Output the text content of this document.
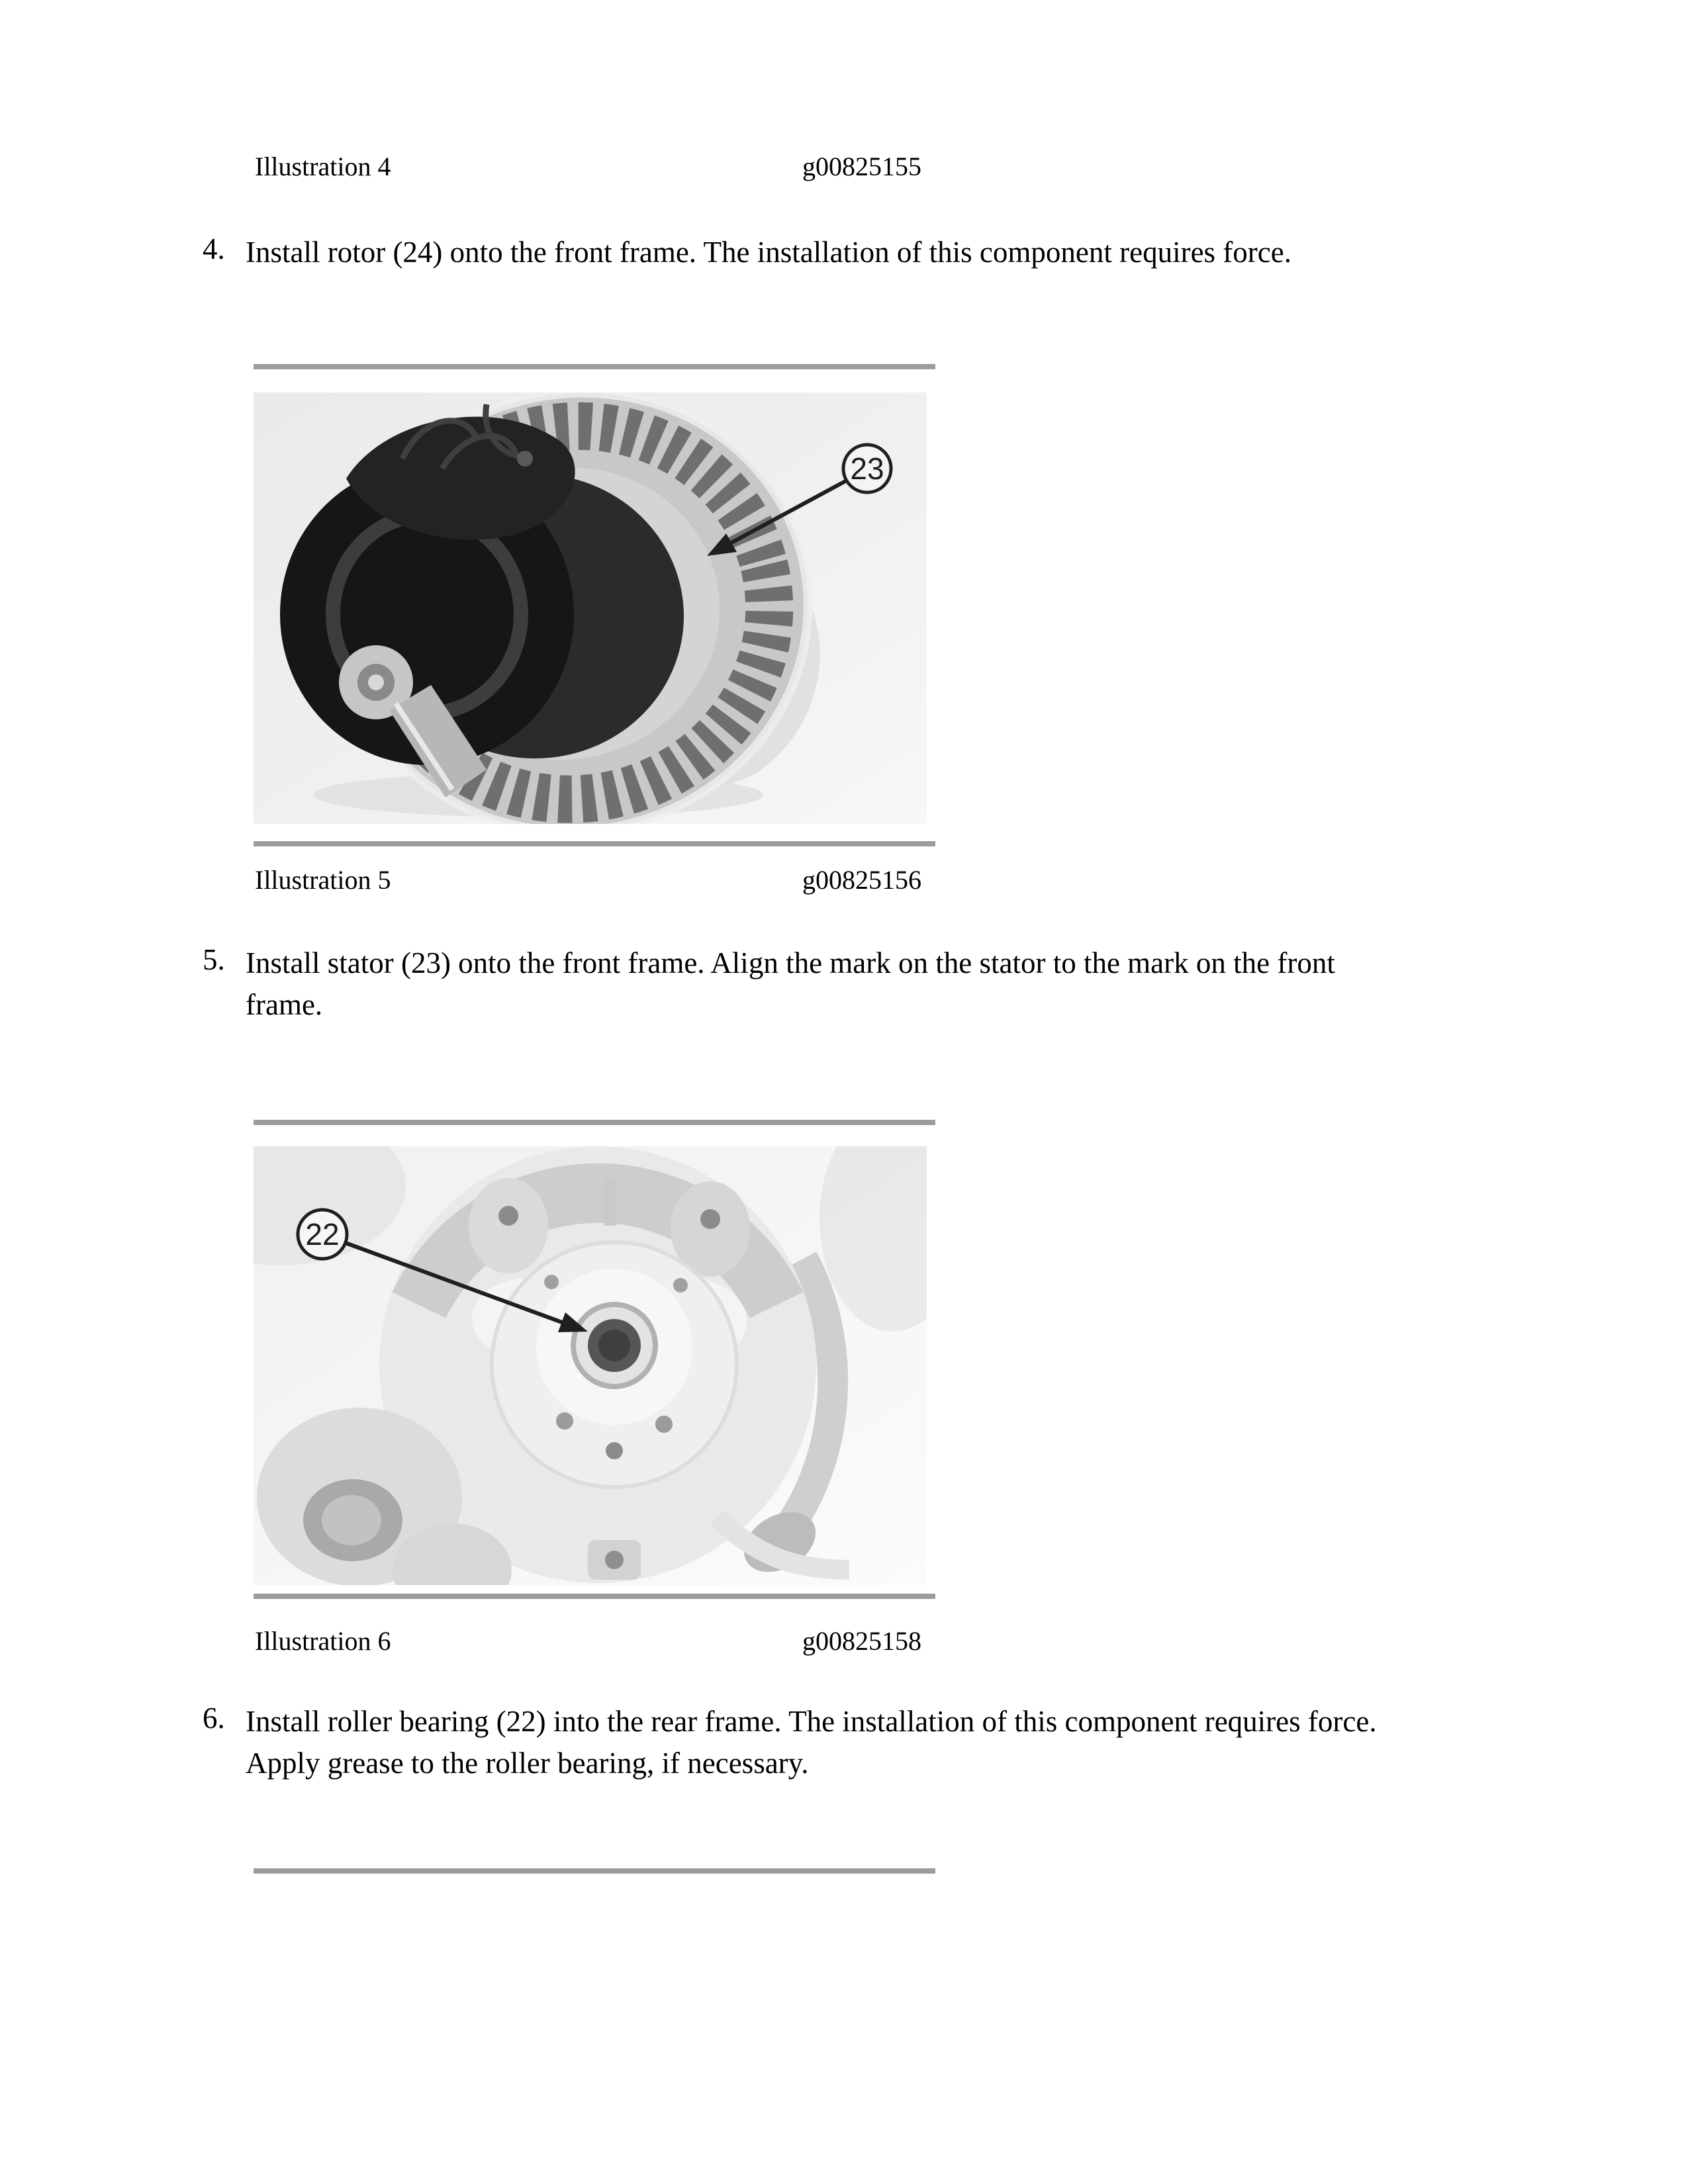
Illustration 4	g00825155
4. Install rotor (24) onto the front frame. The installation of this component requires force.
23
Illustration 5	g00825156
5. Install stator (23) onto the front frame. Align the mark on the stator to the mark on the front
frame.
22
Illustration 6	g00825158
6. Install roller bearing (22) into the rear frame. The installation of this component requires force.
Apply grease to the roller bearing, if necessary.
